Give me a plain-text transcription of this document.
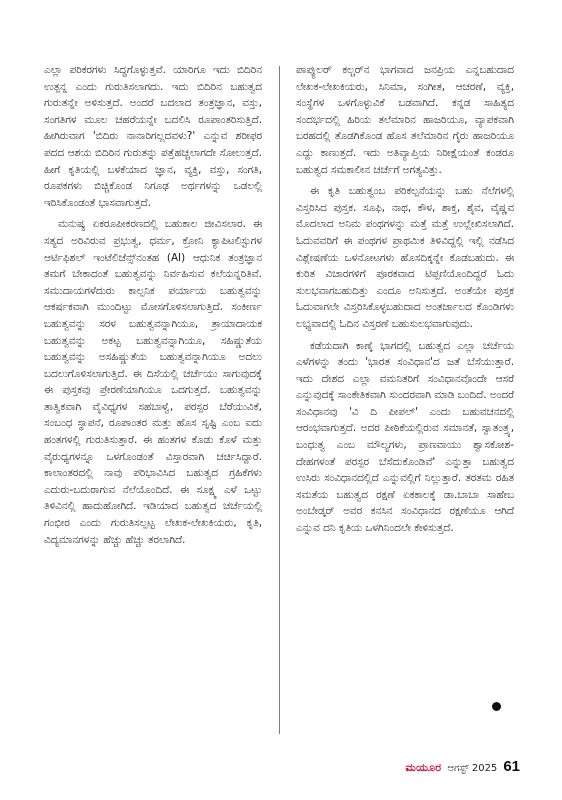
ಎಲ್ಲಾ ಪರಿಕರಗಳು ಸಿದ್ಧಗೊಳ್ಳುತ್ತವೆ. ಯಾರಿಗೂ ಇದು ಬಿದಿರಿನ ಉತ್ಪನ್ನ ಎಂದು ಗುರುತಿಸಲಾಗದು. ಇದು ಬಿದಿರಿನ ಬಹುತ್ವದ ಗುರುತನ್ನೇ ಅಳಿಸುತ್ತದೆ. ಅಂದರೆ ಬದಲಾದ ತಂತ್ರಜ್ಞಾನ, ವಸ್ತು, ಸಂಗತಿಗಳ ಮೂಲ ಚಹರೆಯನ್ನೇ ಬದಲಿಸಿ ರೂಪಾಂತರಿಸುತ್ತಿದೆ. ಹೀಗಿರುವಾಗ 'ಬಿದಿರು ನಾನಾರಿಗಲ್ಲದವಳು?' ಎನ್ನುವ ಶರೀಫರ ಪದದ ಆಶಯ ಬಿದಿರಿನ ಗುರುತನ್ನು ಪತ್ತೆಹಚ್ಚಲಾಗದೇ ಸೋಲುತ್ತದೆ. ಹೀಗೆ ಕೃತಿಯಲ್ಲಿ ಬಳಕೆಯಾದ ಜ್ಞಾನ, ವ್ಯಕ್ತಿ, ವಸ್ತು, ಸಂಗತಿ, ರೂಪಕಗಳು ಬಿಚ್ಚಿಕೊಂಡ ನಿಗೂಢ ಅರ್ಥಗಳನ್ನು ಒಡಲಲ್ಲಿ ಇರಿಸಿಕೊಂಡಂತೆ ಭಾಸವಾಗುತ್ತದೆ.

ಮನುಷ್ಯ ಏಕರೂಪೀಕರಣದಲ್ಲಿ ಬಹುಕಾಲ ಜೀವಿಸಲಾರ. ಈ ಸತ್ಯದ ಅರಿವಿರುವ ಪ್ರಭುತ್ವ, ಧರ್ಮ, ಕ್ರೋನಿ ಕ್ಯಾಪಿಟಲಿಸ್ಟುಗಳ ಆರ್ಟಿಫಿಶಲ್ ಇಂಟೆಲಿಜೆನ್ಸ್‌ನಂತಹ (AI) ಆಧುನಿಕ ತಂತ್ರಜ್ಞಾನ ತಮಗೆ ಬೇಕಾದಂತೆ ಬಹುತ್ವವನ್ನು ನಿರ್ವಹಿಸುವ ಕಲೆಯನ್ನರಿತಿವೆ. ಸಮುದಾಯಗಳೆದುರು ಕಾಲ್ಪನಿಕ ಪರ್ಯಾಯ ಬಹುತ್ವವನ್ನು ಆಕರ್ಷಕವಾಗಿ ಮುಂದಿಟ್ಟು ಮೋಸಗೊಳಿಸಲಾಗುತ್ತಿದೆ. ಸಂಕೀರ್ಣ ಬಹುತ್ವವನ್ನು ಸರಳ ಬಹುತ್ವವನ್ನಾಗಿಯೂ, ತ್ರಾಯಾದಾಯಕ ಬಹುತ್ವವನ್ನು ಅಕಟ್ಟ ಬಹುತ್ವವನ್ನಾಗಿಯೂ, ಸಹಿಷ್ಣುತೆಯ ಬಹುತ್ವವನ್ನು ಅಸಹಿಷ್ಣುತೆಯ ಬಹುತ್ವವನ್ನಾಗಿಯೂ ಅದಲು ಬದಲುಗೊಳಿಸಲಾಗುತ್ತಿದೆ. ಈ ದಿಸೆಯಲ್ಲಿ ಚರ್ಚೆಯು ಸಾಗುವುದಕ್ಕೆ ಈ ಪುಸ್ತಕವು ಪ್ರೇರಣೆಯಾಗಿಯೂ ಒದಗುತ್ತದೆ. ಬಹುತ್ವವನ್ನು ತಾತ್ವಿಕವಾಗಿ ವೈವಿಧ್ಯಗಳ ಸಹಬಾಳ್ವೆ, ಪರಸ್ಪರ ಬೆರೆಯುವಿಕೆ, ಸಂಬಂಧ ಸ್ಥಾಪನೆ, ರೂಪಾಂತರ ಮತ್ತು ಹೊಸ ಸೃಷ್ಟಿ ಎಂಬ ಐದು ಹಂತಗಳಲ್ಲಿ ಗುರುತಿಸುತ್ತಾರೆ. ಈ ಹಂತಗಳ ಕೊಡು ಕೊಳೆ ಮತ್ತು ವೈರುಧ್ಯಗಳನ್ನೂ ಒಳಗೊಂಡಂತೆ ವಿಸ್ತಾರವಾಗಿ ಚರ್ಚಿಸಿದ್ದಾರೆ. ಕಾಲಾಂತರದಲ್ಲಿ ನಾವು ಪರಿಭಾವಿಸಿದ ಬಹುತ್ವದ ಗ್ರಹಿಕೆಗಳು ಎದುರು-ಬದುರಾಗುವ ನೆಲೆಯೊಂದಿದೆ. ಈ ಸೂಕ್ಷ್ಮ ಎಳೆ ಒಟ್ಟು ತಿಳಿವಿನಲ್ಲಿ ಹಾದುಹೋಗಿದೆ. ಇಡಿಯಾದ ಬಹುತ್ವದ ಚರ್ಚೆಯಲ್ಲಿ ಗಂಭೀರ ಎಂದು ಗುರುತಿಸಲ್ಪಟ್ಟ ಲೇಖಕ-ಲೇಖಕಿಯರು, ಕೃತಿ, ವಿದ್ಯಮಾನಗಳನ್ನು ಹೆಚ್ಚು ಹೆಚ್ಚು ತರಲಾಗಿದೆ.

ಪಾಪ್ಯುಲರ್ ಕಲ್ಚರ್‌ನ ಭಾಗವಾದ ಜನಪ್ರಿಯ ಎನ್ನಬಹುದಾದ ಲೇಖಕ-ಲೇಖಕಿಯರು, ಸಿನಿಮಾ, ಸಂಗೀತ, ಆಚರಣೆ, ವ್ಯಕ್ತಿ, ಸಂಸ್ಥೆಗಳ ಒಳಗೊಳ್ಳುವಿಕೆ ಬಡವಾಗಿದೆ. ಕನ್ನಡ ಸಾಹಿತ್ಯದ ಸಂದರ್ಭದಲ್ಲಿ ಹಿರಿಯ ತಲೆಮಾರಿನ ಹಾಜರಿಯೂ, ವ್ಯಾಪಕವಾಗಿ ಬರಹದಲ್ಲಿ ತೊಡಗಿಕೊಂಡ ಹೊಸ ತಲೆಮಾರಿನ ಗೈರು ಹಾಜರಿಯೂ ಎದ್ದು ಕಾಣುತ್ತದೆ. ಇದು ಅತಿವ್ಯಾಪ್ತಿಯ ನಿರೀಕ್ಷೆಯಂತೆ ಕಂಡರೂ ಬಹುತ್ವದ ಸಮಕಾಲೀನ ಚರ್ಚೆಗೆ ಅಗತ್ಯವಿತ್ತು.

ಈ ಕೃತಿ ಬಹುತ್ವಂಬ ಪರಿಕಲ್ಪನೆಯನ್ನು ಬಹು ನೆಲೆಗಳಲ್ಲಿ ವಿಸ್ತರಿಸಿದ ಪುಸ್ತಕ. ಸೂಫಿ, ನಾಥ, ಕೌಳ, ಶಾಕ್ತ, ಶೈವ, ವೈಷ್ಣವ ಮೊದಲಾದ ಅನಿಮ ಪಂಥಗಳನ್ನು ಮತ್ತೆ ಮತ್ತೆ ಉಲ್ಲೇಖಿಸಲಾಗಿದೆ. ಓದುವವರಿಗೆ ಈ ಪಂಥಗಳ ಪ್ರಾಥಮಿಕ ತಿಳಿವಿದ್ದಲ್ಲಿ ಇಲ್ಲಿ ನಡೆಸಿದ ವಿಶ್ಲೇಷಣೆಯ ಒಳನೋಟಗಳು ಹೊಸದಿಕ್ಕನ್ನೇ ಕೊಡಬಹುದು. ಈ ಕುರಿತ ವಿಚಾರಗಳಿಗೆ ಪೂರಕವಾದ ಟಿಪ್ಪಣಿಯೊಂದಿದ್ದರೆ ಓದು ಸುಲಭವಾಗಬಹುದಿತ್ತು ಎಂದೂ ಅನಿಸುತ್ತದೆ. ಅಂತೆಯೇ ಪುಸ್ತಕ ಓದುವಾಗಲೇ ವಿಸ್ತರಿಸಿಕೊಳ್ಳಬಹುದಾದ ಅಂತರ್ಜಾಲದ ಕೊಂಡಿಗಳು ಲಭ್ಯವಾದಲ್ಲಿ ಓದಿನ ವಿಸ್ತರಣೆ ಬಹುಸುಲಭವಾಗುವುದು.

ಕಡೆಯದಾಗಿ ಕಾಣ್ಕೆ ಭಾಗದಲ್ಲಿ ಬಹುತ್ವದ ಎಲ್ಲಾ ಚರ್ಚೆಯ ಎಳೆಗಳನ್ನು ತಂದು 'ಭಾರತ ಸಂವಿಧಾನ'ದ ಜತೆ ಬೆಸೆಯುತ್ತಾರೆ. ಇದು ದೇಶದ ಎಲ್ಲಾ ವಮನಿತರಿಗೆ ಸಂವಿಧಾನವೊಂದೇ ಆಸರೆ ಎನ್ನುವುದಕ್ಕೆ ಸಾಂಕೇತಿಕವಾಗಿ ಸುಂದರವಾಗಿ ಮಾಡಿ ಬಂದಿದೆ. ಅಂದರೆ ಸಂವಿಧಾನವು 'ವಿ ದಿ ಪೀಪಲ್' ಎಂದು ಬಹುವಚನದಲ್ಲಿ ಆರಂಭವಾಗುತ್ತದೆ. ಅದರ ಪೀಠಿಕೆಯಲ್ಲಿರುವ ಸಮಾನತೆ, ಸ್ವಾತಂತ್ರ್ಯ, ಬಂಧುತ್ವ ಎಂಬ ಮೌಲ್ಯಗಳು, ಪ್ರಾಣವಾಯು ಶ್ವಾಸಕೋಶ-ದೇಹಗಳಂತೆ ಪರಸ್ಪರ ಬೆಸೆದುಕೊಂಡಿವೆ' ಎನ್ನುತ್ತಾ ಬಹುತ್ವದ ಉಸಿರು ಸಂವಿಧಾನದಲ್ಲಿದೆ ಎನ್ನುವಲ್ಲಿಗೆ ನಿಲ್ಲುತ್ತಾರೆ. ತರತಮ ರಹಿತ ಸಮತೆಯ ಬಹುತ್ವದ ರಕ್ಷಣೆ ಏಕಕಾಲಕ್ಕೆ ಡಾ.ಬಾಬಾ ಸಾಹೇಬ ಅಂಬೇಡ್ಕರ್ ಅವರ ಕನಸಿನ ಸಂವಿಧಾನದ ರಕ್ಷಣೆಯೂ ಆಗಿದೆ ಎನ್ನುವ ದನಿ ಕೃತಿಯ ಒಳಗಿನಿಂದಲೇ ಕೇಳಿಸುತ್ತದೆ.

ಮಯೂರ ಆಗಸ್ಟ್ 2025 61
